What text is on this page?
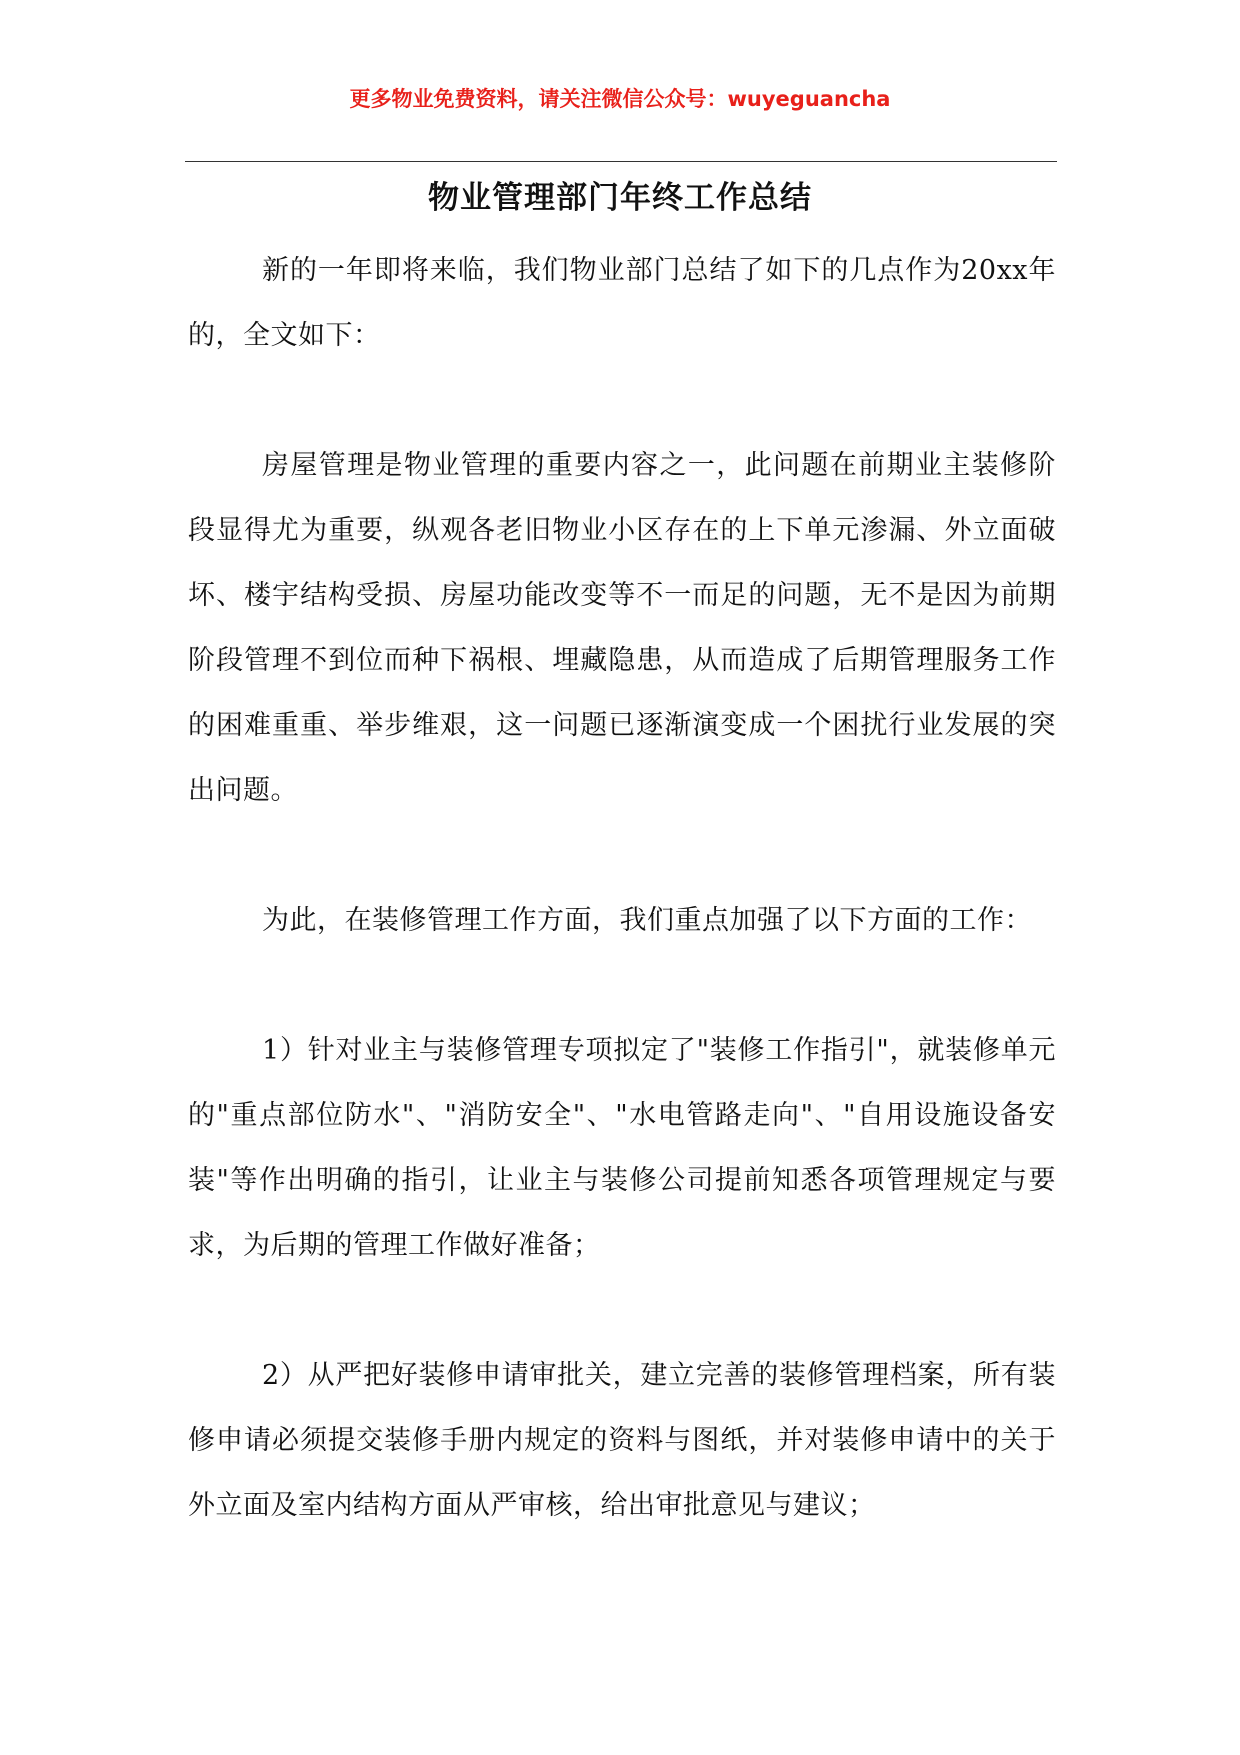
更多物业免费资料，请关注微信公众号：wuyeguancha
物业管理部门年终工作总结

新的一年即将来临，我们物业部门总结了如下的几点作为20xx年的，全文如下：

房屋管理是物业管理的重要内容之一，此问题在前期业主装修阶段显得尤为重要，纵观各老旧物业小区存在的上下单元渗漏、外立面破坏、楼宇结构受损、房屋功能改变等不一而足的问题，无不是因为前期阶段管理不到位而种下祸根、埋藏隐患，从而造成了后期管理服务工作的困难重重、举步维艰，这一问题已逐渐演变成一个困扰行业发展的突出问题。

为此，在装修管理工作方面，我们重点加强了以下方面的工作：

1）针对业主与装修管理专项拟定了"装修工作指引"，就装修单元的"重点部位防水"、"消防安全"、"水电管路走向"、"自用设施设备安装"等作出明确的指引，让业主与装修公司提前知悉各项管理规定与要求，为后期的管理工作做好准备；

2）从严把好装修申请审批关，建立完善的装修管理档案，所有装修申请必须提交装修手册内规定的资料与图纸，并对装修申请中的关于外立面及室内结构方面从严审核，给出审批意见与建议；
